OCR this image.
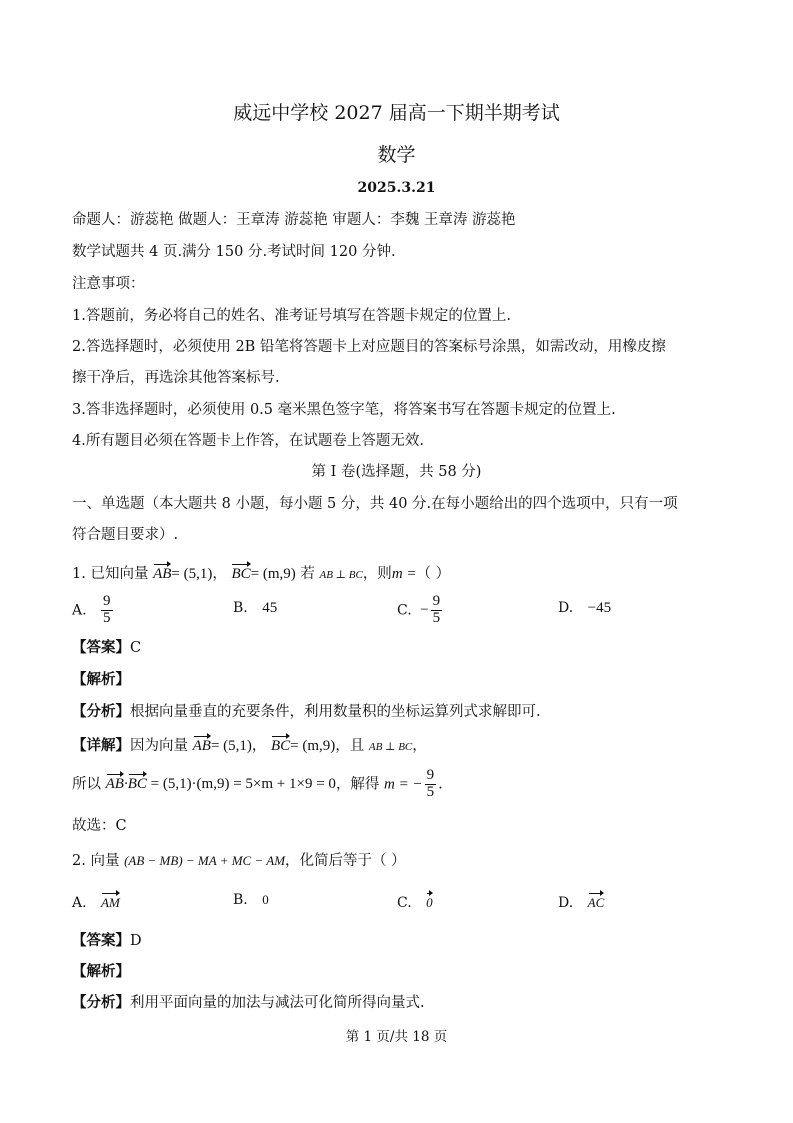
威远中学校 2027 届高一下期半期考试
数学
2025.3.21
命题人：游蕊艳 做题人：王章涛 游蕊艳 审题人：李魏 王章涛 游蕊艳
数学试题共 4 页.满分 150 分.考试时间 120 分钟.
注意事项：
1.答题前，务必将自己的姓名、准考证号填写在答题卡规定的位置上.
2.答选择题时，必须使用 2B 铅笔将答题卡上对应题目的答案标号涂黑，如需改动，用橡皮擦
擦干净后，再选涂其他答案标号.
3.答非选择题时，必须使用 0.5 毫米黑色签字笔，将答案书写在答题卡规定的位置上.
4.所有题目必须在答题卡上作答，在试题卷上答题无效.
第 I 卷(选择题，共 58 分)
一、单选题（本大题共 8 小题，每小题 5 分，共 40 分.在每小题给出的四个选项中，只有一项
符合题目要求）.
1. 已知向量 AB= (5,1)， BC= (m,9) 若 AB ⊥ BC，则m =（ ）
A. $\frac{9}{5}$	B. 45	C. − $\frac{9}{5}$	D. −45
【答案】C
【解析】
【分析】根据向量垂直的充要条件，利用数量积的坐标运算列式求解即可.
【详解】因为向量 AB= (5,1)， BC= (m,9)，且 AB ⊥ BC，
所以 AB·BC = (5,1)·(m,9) = 5×m + 1×9 = 0，解得 m = − $\frac{9}{5}$ .
故选：C
2. 向量 (AB − MB) − MA + MC − AM，化简后等于（ ）
A. AM	B. 0	C. 0	D. AC
【答案】D
【解析】
【分析】利用平面向量的加法与减法可化简所得向量式.
第 1 页/共 18 页
